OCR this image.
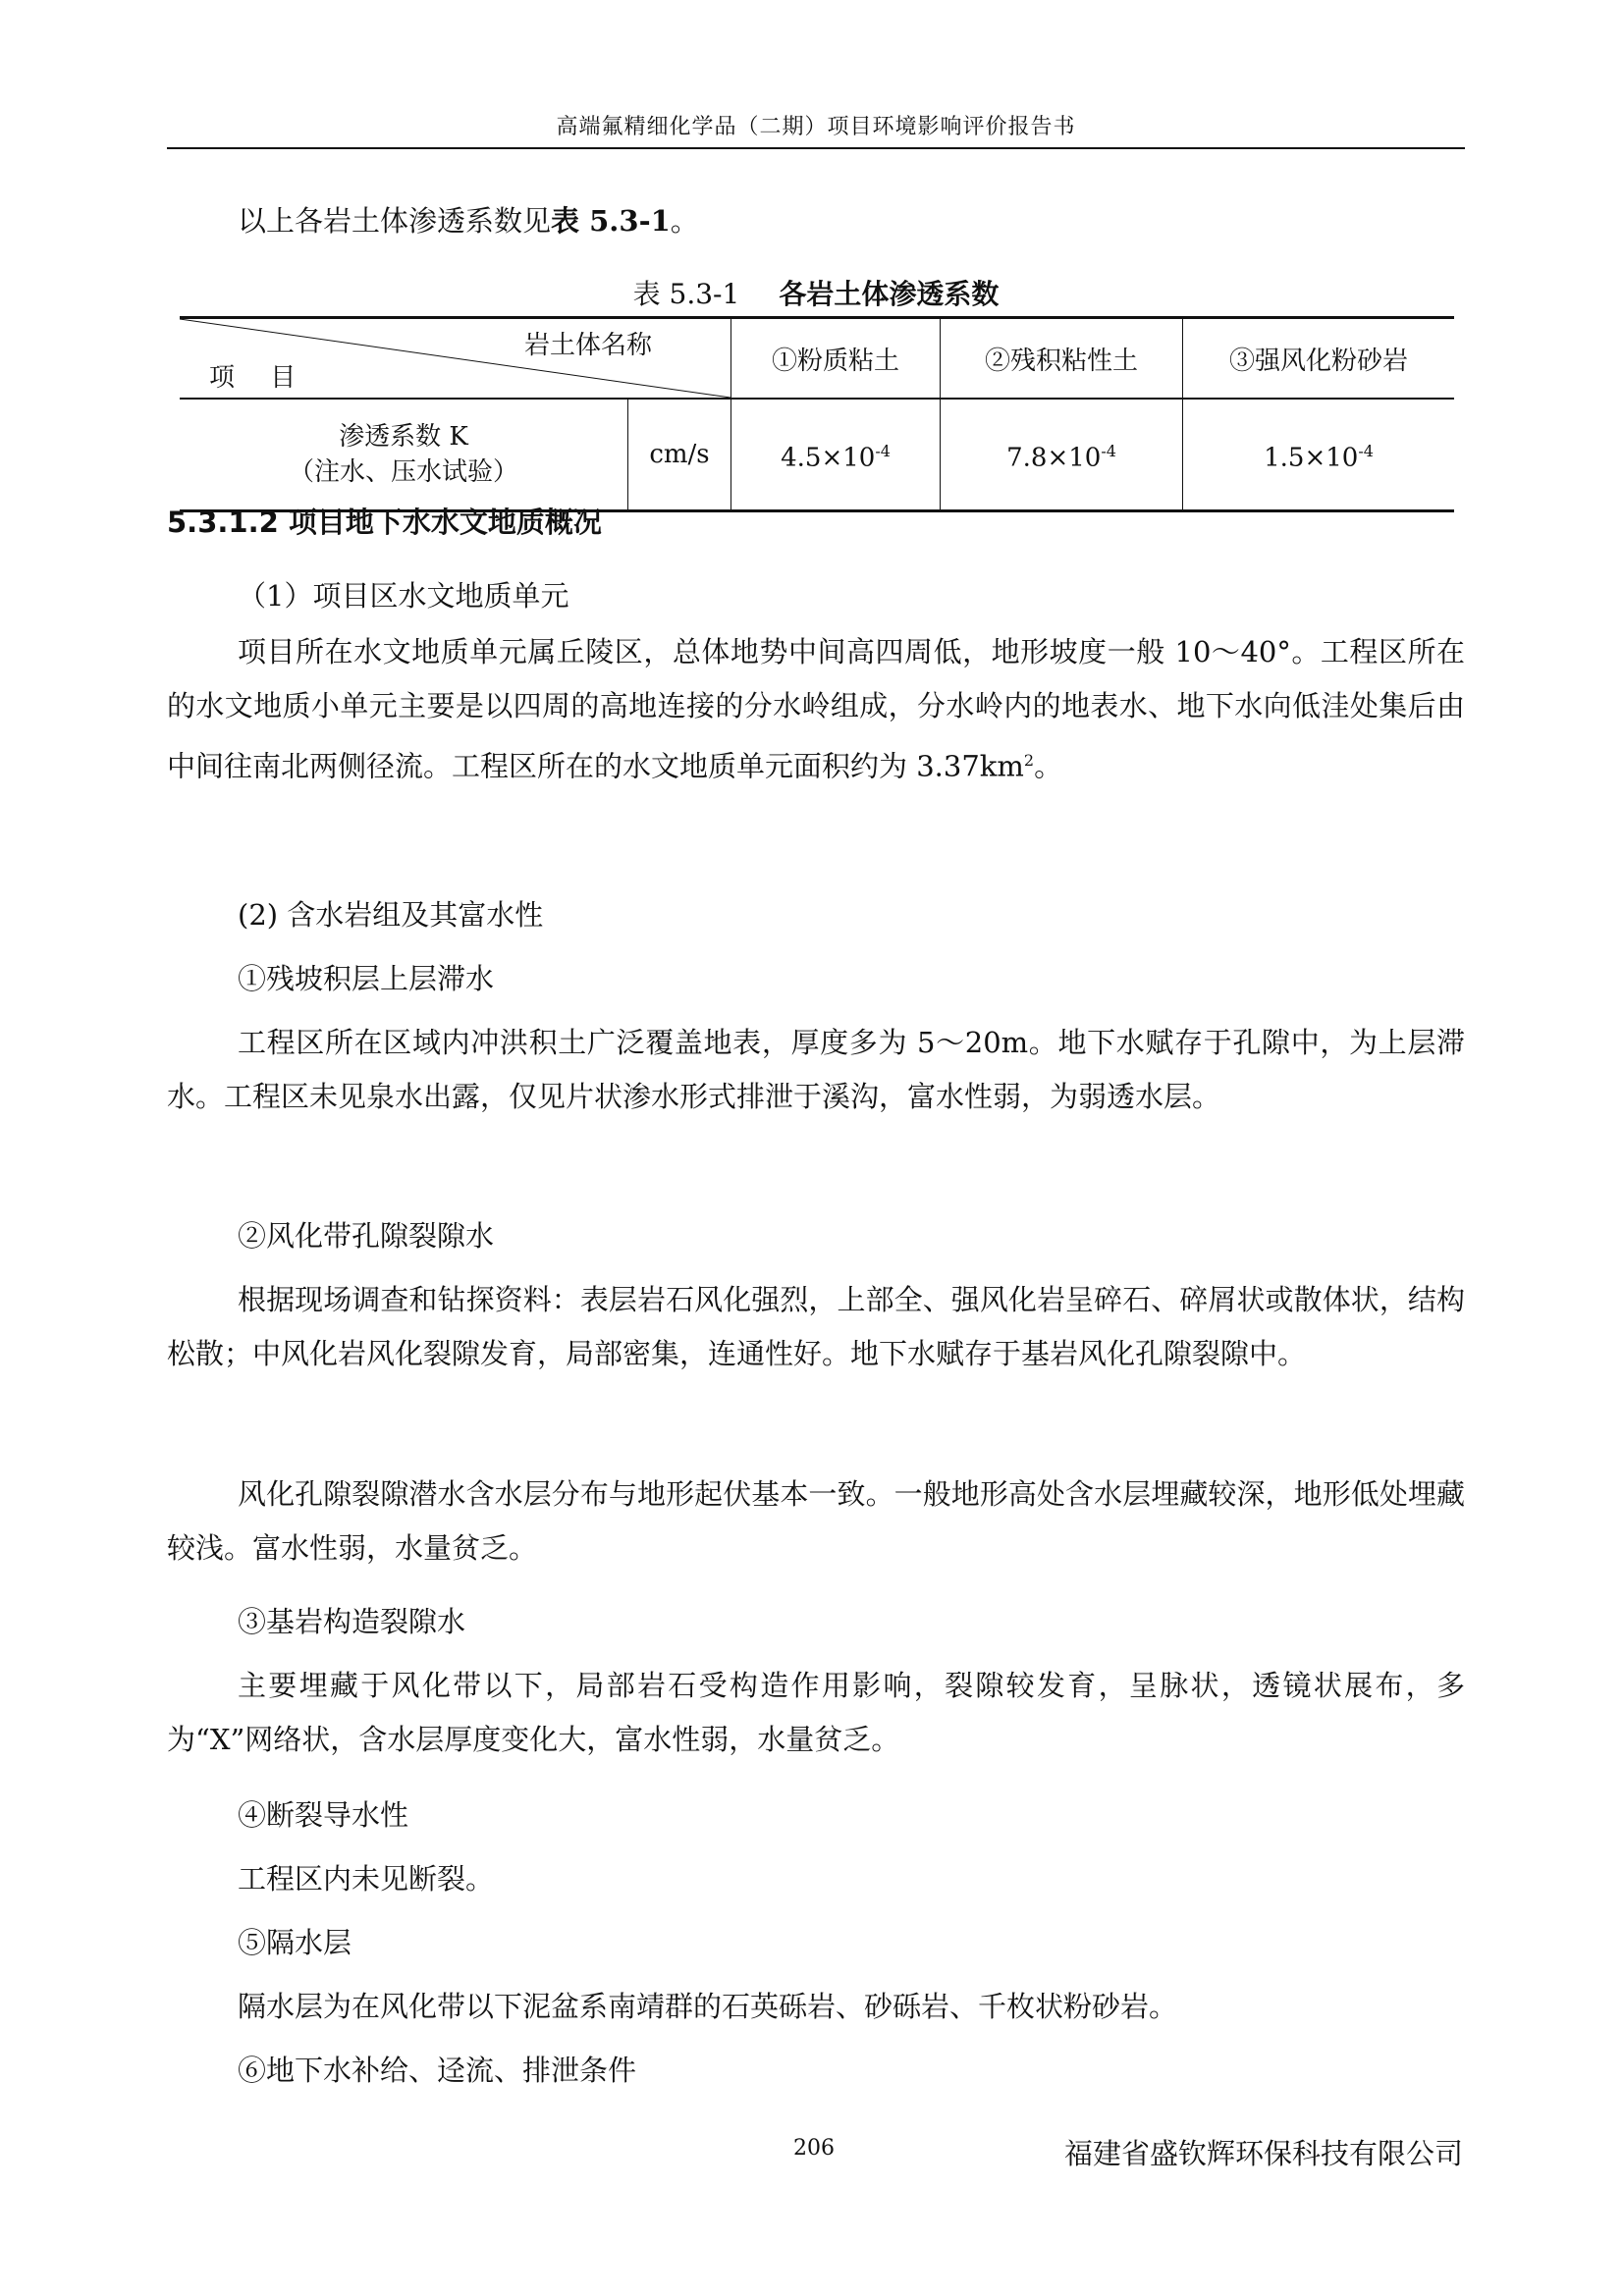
高端氟精细化学品（二期）项目环境影响评价报告书

以上各岩土体渗透系数见表 5.3-1。

表 5.3-1 各岩土体渗透系数
岩土体名称
项 目		①粉质粘土	②残积粘性土	③强风化粉砂岩

渗透系数 K
（注水、压水试验）	cm/s	$4.5\times 10^{-4}$	$7.8\times 10^{-4}$	$1.5\times 10^{-4}$
5.3.1.2 项目地下水水文地质概况
（1）项目区水文地质单元

项目所在水文地质单元属丘陵区，总体地势中间高四周低，地形坡度一般 10～40°。工程区所在的水文地质小单元主要是以四周的高地连接的分水岭组成，分水岭内的地表水、地下水向低洼处集后由中间往南北两侧径流。工程区所在的水文地质单元面积约为 $3.37km^2$。

(2) 含水岩组及其富水性
①残坡积层上层滞水

工程区所在区域内冲洪积土广泛覆盖地表，厚度多为 5～20m。地下水赋存于孔隙中，为上层滞水。工程区未见泉水出露，仅见片状渗水形式排泄于溪沟，富水性弱，为弱透水层。

②风化带孔隙裂隙水

根据现场调查和钻探资料：表层岩石风化强烈，上部全、强风化岩呈碎石、碎屑状或散体状，结构松散；中风化岩风化裂隙发育，局部密集，连通性好。地下水赋存于基岩风化孔隙裂隙中。

风化孔隙裂隙潜水含水层分布与地形起伏基本一致。一般地形高处含水层埋藏较深，地形低处埋藏较浅。富水性弱，水量贫乏。

③基岩构造裂隙水

主要埋藏于风化带以下，局部岩石受构造作用影响，裂隙较发育，呈脉状，透镜状展布，多为“X”网络状，含水层厚度变化大，富水性弱，水量贫乏。

④断裂导水性
工程区内未见断裂。
⑤隔水层
隔水层为在风化带以下泥盆系南靖群的石英砾岩、砂砾岩、千枚状粉砂岩。
⑥地下水补给、迳流、排泄条件
206	福建省盛钦辉环保科技有限公司
